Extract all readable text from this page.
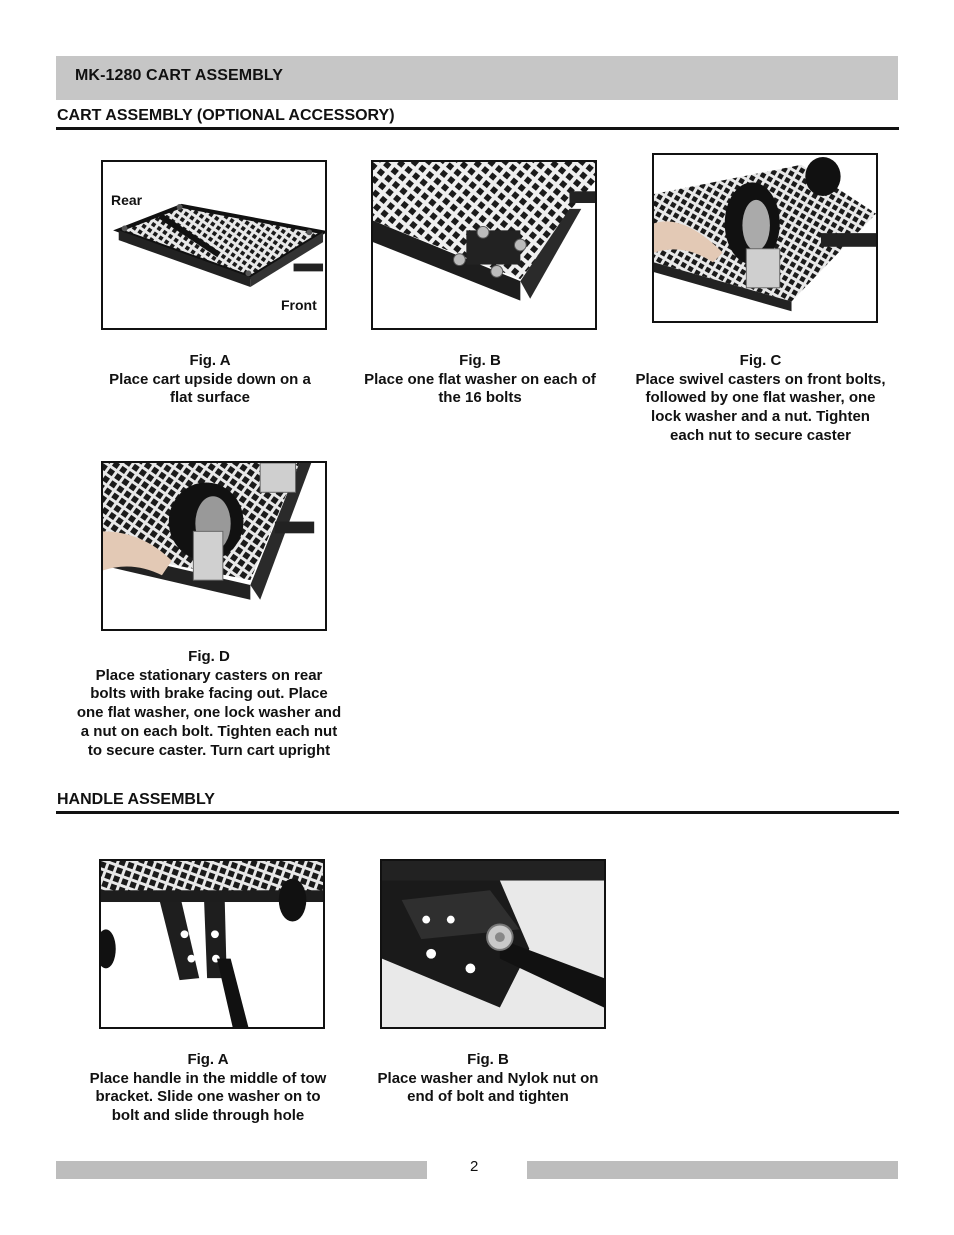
MK-1280 CART ASSEMBLY
CART ASSEMBLY (OPTIONAL ACCESSORY)
Rear
Front
Fig. A
Place cart upside down on a
flat surface
Fig. B
Place one flat washer on each of
the 16 bolts
Fig. C
Place swivel casters on front bolts,
followed by one flat washer, one
lock washer and a nut. Tighten
each nut to secure caster
Fig. D
Place stationary casters on rear
bolts with brake facing out. Place
one flat washer, one lock washer and
a nut on each bolt. Tighten each nut
to secure caster. Turn cart upright
HANDLE ASSEMBLY
Fig. A
Place handle in the middle of tow
bracket. Slide one washer on to
bolt and slide through hole
Fig. B
Place washer and Nylok nut on
end of bolt and tighten
2
